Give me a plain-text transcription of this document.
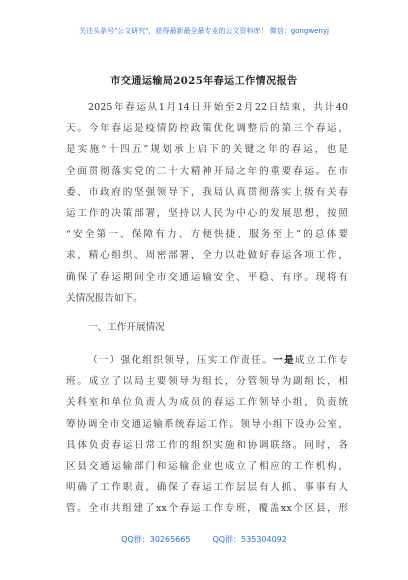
关注头条号"公文研究"，获得最新最全最专业的公文资料库！ 微信：gongwenyj
市交通运输局2025年春运工作情况报告
2025年春运从1月14日开始至2月22日结束，共计40
天。今年春运是疫情防控政策优化调整后的第三个春运，
是实施“十四五”规划承上启下的关键之年的春运，也是
全面贯彻落实党的二十大精神开局之年的重要春运。在市
委、市政府的坚强领导下，我局认真贯彻落实上级有关春
运工作的决策部署，坚持以人民为中心的发展思想，按照
“安全第一、保障有力、方便快捷、服务至上”的总体要
求，精心组织、周密部署，全力以赴做好春运各项工作，
确保了春运期间全市交通运输安全、平稳、有序。现将有
关情况报告如下。
一、工作开展情况
（一）强化组织领导，压实工作责任。一是成立工作专
班。成立了以局主要领导为组长，分管领导为副组长，相
关科室和单位负责人为成员的春运工作领导小组，负责统
筹协调全市交通运输系统春运工作。领导小组下设办公室，
具体负责春运日常工作的组织实施和协调联络。同时，各
区县交通运输部门和运输企业也成立了相应的工作机构，
明确了工作职责，确保了春运工作层层有人抓、事事有人
管。全市共组建了xx个春运工作专班，覆盖xx个区县，形
QQ群：30265665	QQ群：535304092
